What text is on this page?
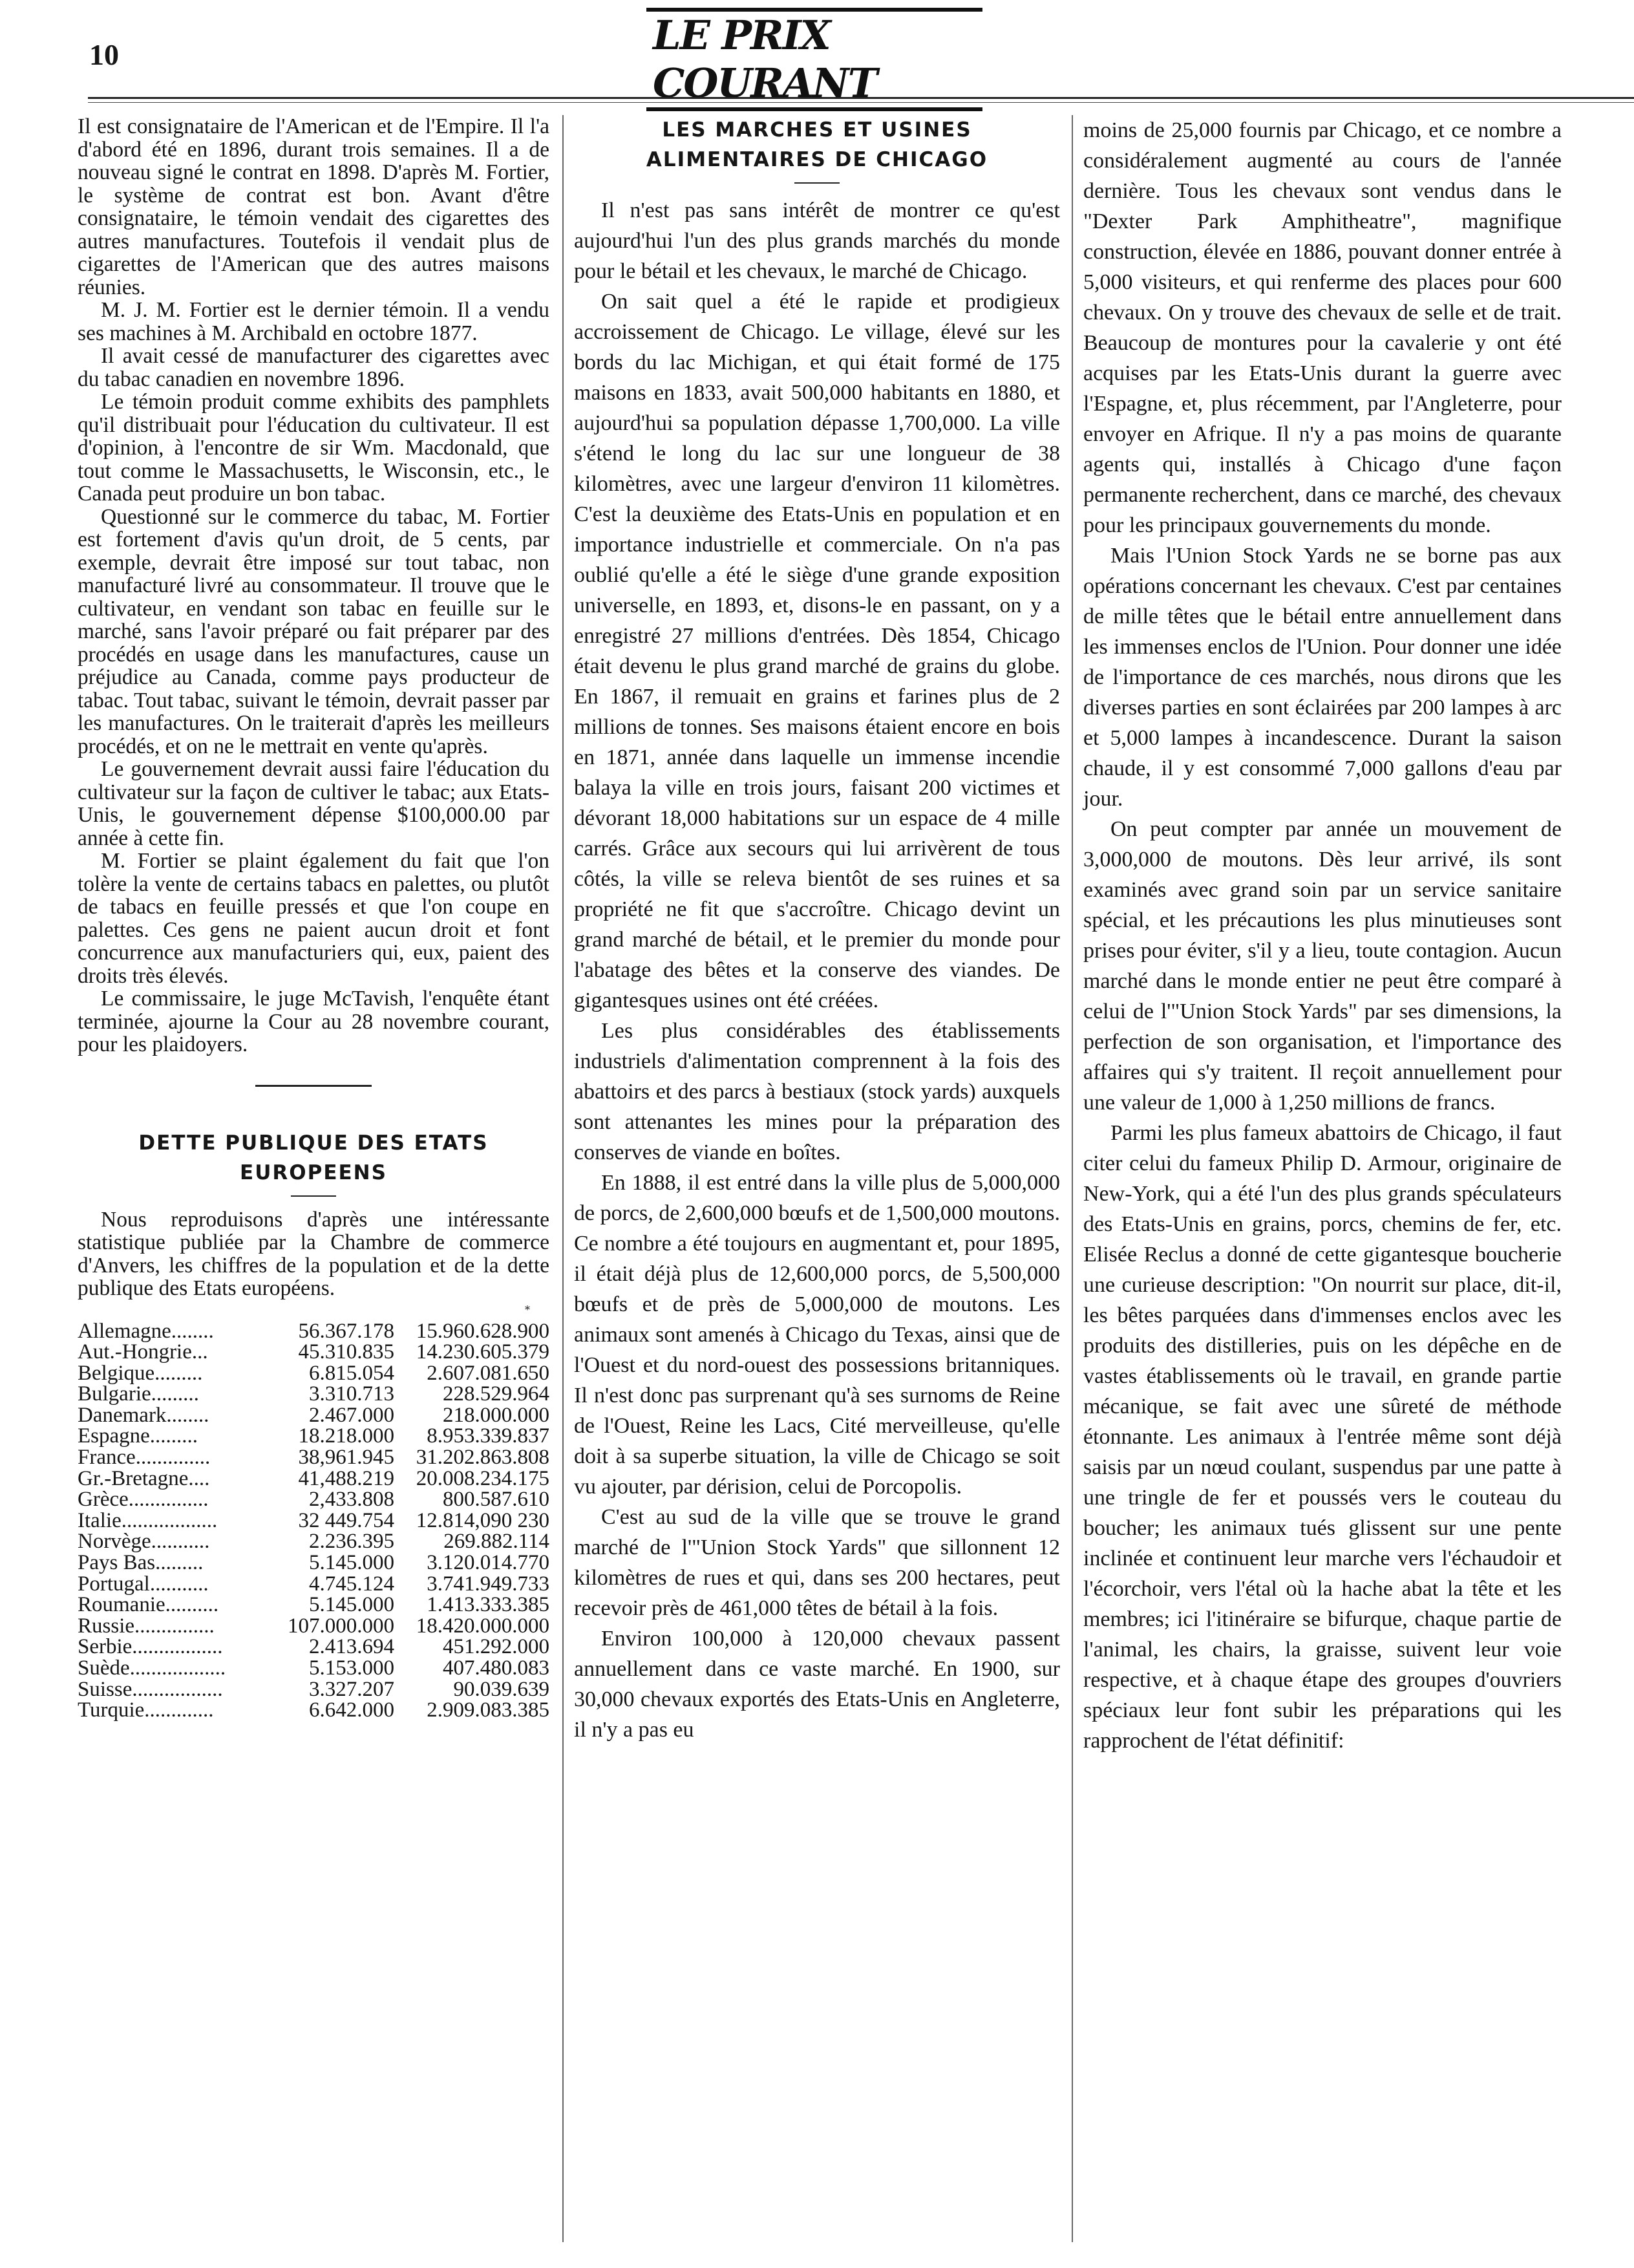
10	LE PRIX COURANT

Il est consignataire de l'American et de l'Empire. Il l'a d'abord été en 1896, durant trois semaines. Il a de nouveau signé le contrat en 1898. D'après M. Fortier, le système de contrat est bon. Avant d'être consignataire, le témoin vendait des cigarettes des autres manufactures. Toutefois il vendait plus de cigarettes de l'American que des autres maisons réunies.

M. J. M. Fortier est le dernier témoin. Il a vendu ses machines à M. Archibald en octobre 1877.

Il avait cessé de manufacturer des cigarettes avec du tabac canadien en novembre 1896.

Le témoin produit comme exhibits des pamphlets qu'il distribuait pour l'éducation du cultivateur. Il est d'opinion, à l'encontre de sir Wm. Macdonald, que tout comme le Massachusetts, le Wisconsin, etc., le Canada peut produire un bon tabac.

Questionné sur le commerce du tabac, M. Fortier est fortement d'avis qu'un droit, de 5 cents, par exemple, devrait être imposé sur tout tabac, non manufacturé livré au consommateur. Il trouve que le cultivateur, en vendant son tabac en feuille sur le marché, sans l'avoir préparé ou fait préparer par des procédés en usage dans les manufactures, cause un préjudice au Canada, comme pays producteur de tabac. Tout tabac, suivant le témoin, devrait passer par les manufactures. On le traiterait d'après les meilleurs procédés, et on ne le mettrait en vente qu'après.

Le gouvernement devrait aussi faire l'éducation du cultivateur sur la façon de cultiver le tabac; aux Etats-Unis, le gouvernement dépense $100,000.00 par année à cette fin.

M. Fortier se plaint également du fait que l'on tolère la vente de certains tabacs en palettes, ou plutôt de tabacs en feuille pressés et que l'on coupe en palettes. Ces gens ne paient aucun droit et font concurrence aux manufacturiers qui, eux, paient des droits très élevés.

Le commissaire, le juge McTavish, l'enquête étant terminée, ajourne la Cour au 28 novembre courant, pour les plaidoyers.

DETTE PUBLIQUE DES ETATS EUROPEENS

Nous reproduisons d'après une intéressante statistique publiée par la Chambre de commerce d'Anvers, les chiffres de la population et de la dette publique des Etats européens.

⁎
Allemagne........	56.367.178	15.960.628.900
Aut.-Hongrie...	45.310.835	14.230.605.379
Belgique.........	6.815.054	2.607.081.650
Bulgarie.........	3.310.713	228.529.964
Danemark........	2.467.000	218.000.000
Espagne.........	18.218.000	8.953.339.837
France..............	38,961.945	31.202.863.808
Gr.-Bretagne....	41,488.219	20.008.234.175
Grèce...............	2,433.808	800.587.610
Italie..................	32 449.754	12.814,090 230
Norvège...........	2.236.395	269.882.114
Pays Bas.........	5.145.000	3.120.014.770
Portugal...........	4.745.124	3.741.949.733
Roumanie..........	5.145.000	1.413.333.385
Russie...............	107.000.000	18.420.000.000
Serbie.................	2.413.694	451.292.000
Suède..................	5.153.000	407.480.083
Suisse.................	3.327.207	90.039.639
Turquie.............	6.642.000	2.909.083.385
LES MARCHES ET USINES ALIMENTAIRES DE CHICAGO

Il n'est pas sans intérêt de montrer ce qu'est aujourd'hui l'un des plus grands marchés du monde pour le bétail et les chevaux, le marché de Chicago.

On sait quel a été le rapide et prodigieux accroissement de Chicago. Le village, élevé sur les bords du lac Michigan, et qui était formé de 175 maisons en 1833, avait 500,000 habitants en 1880, et aujourd'hui sa population dépasse 1,700,000. La ville s'étend le long du lac sur une longueur de 38 kilomètres, avec une largeur d'environ 11 kilomètres. C'est la deuxième des Etats-Unis en population et en importance industrielle et commerciale. On n'a pas oublié qu'elle a été le siège d'une grande exposition universelle, en 1893, et, disons-le en passant, on y a enregistré 27 millions d'entrées. Dès 1854, Chicago était devenu le plus grand marché de grains du globe. En 1867, il remuait en grains et farines plus de 2 millions de tonnes. Ses maisons étaient encore en bois en 1871, année dans laquelle un immense incendie balaya la ville en trois jours, faisant 200 victimes et dévorant 18,000 habitations sur un espace de 4 mille carrés. Grâce aux secours qui lui arrivèrent de tous côtés, la ville se releva bientôt de ses ruines et sa propriété ne fit que s'accroître. Chicago devint un grand marché de bétail, et le premier du monde pour l'abatage des bêtes et la conserve des viandes. De gigantesques usines ont été créées.

Les plus considérables des établissements industriels d'alimentation comprennent à la fois des abattoirs et des parcs à bestiaux (stock yards) auxquels sont attenantes les mines pour la préparation des conserves de viande en boîtes.

En 1888, il est entré dans la ville plus de 5,000,000 de porcs, de 2,600,000 bœufs et de 1,500,000 moutons. Ce nombre a été toujours en augmentant et, pour 1895, il était déjà plus de 12,600,000 porcs, de 5,500,000 bœufs et de près de 5,000,000 de moutons. Les animaux sont amenés à Chicago du Texas, ainsi que de l'Ouest et du nord-ouest des possessions britanniques. Il n'est donc pas surprenant qu'à ses surnoms de Reine de l'Ouest, Reine les Lacs, Cité merveilleuse, qu'elle doit à sa superbe situation, la ville de Chicago se soit vu ajouter, par dérision, celui de Porcopolis.

C'est au sud de la ville que se trouve le grand marché de l'"Union Stock Yards" que sillonnent 12 kilomètres de rues et qui, dans ses 200 hectares, peut recevoir près de 461,000 têtes de bétail à la fois.

Environ 100,000 à 120,000 chevaux passent annuellement dans ce vaste marché. En 1900, sur 30,000 chevaux exportés des Etats-Unis en Angleterre, il n'y a pas eu

moins de 25,000 fournis par Chicago, et ce nombre a considéralement augmenté au cours de l'année dernière. Tous les chevaux sont vendus dans le "Dexter Park Amphitheatre", magnifique construction, élevée en 1886, pouvant donner entrée à 5,000 visiteurs, et qui renferme des places pour 600 chevaux. On y trouve des chevaux de selle et de trait. Beaucoup de montures pour la cavalerie y ont été acquises par les Etats-Unis durant la guerre avec l'Espagne, et, plus récemment, par l'Angleterre, pour envoyer en Afrique. Il n'y a pas moins de quarante agents qui, installés à Chicago d'une façon permanente recherchent, dans ce marché, des chevaux pour les principaux gouvernements du monde.

Mais l'Union Stock Yards ne se borne pas aux opérations concernant les chevaux. C'est par centaines de mille têtes que le bétail entre annuellement dans les immenses enclos de l'Union. Pour donner une idée de l'importance de ces marchés, nous dirons que les diverses parties en sont éclairées par 200 lampes à arc et 5,000 lampes à incandescence. Durant la saison chaude, il y est consommé 7,000 gallons d'eau par jour.

On peut compter par année un mouvement de 3,000,000 de moutons. Dès leur arrivé, ils sont examinés avec grand soin par un service sanitaire spécial, et les précautions les plus minutieuses sont prises pour éviter, s'il y a lieu, toute contagion. Aucun marché dans le monde entier ne peut être comparé à celui de l'"Union Stock Yards" par ses dimensions, la perfection de son organisation, et l'importance des affaires qui s'y traitent. Il reçoit annuellement pour une valeur de 1,000 à 1,250 millions de francs.

Parmi les plus fameux abattoirs de Chicago, il faut citer celui du fameux Philip D. Armour, originaire de New-York, qui a été l'un des plus grands spéculateurs des Etats-Unis en grains, porcs, chemins de fer, etc. Elisée Reclus a donné de cette gigantesque boucherie une curieuse description: "On nourrit sur place, dit-il, les bêtes parquées dans d'immenses enclos avec les produits des distilleries, puis on les dépêche en de vastes établissements où le travail, en grande partie mécanique, se fait avec une sûreté de méthode étonnante. Les animaux à l'entrée même sont déjà saisis par un nœud coulant, suspendus par une patte à une tringle de fer et poussés vers le couteau du boucher; les animaux tués glissent sur une pente inclinée et continuent leur marche vers l'échaudoir et l'écorchoir, vers l'étal où la hache abat la tête et les membres; ici l'itinéraire se bifurque, chaque partie de l'animal, les chairs, la graisse, suivent leur voie respective, et à chaque étape des groupes d'ouvriers spéciaux leur font subir les préparations qui les rapprochent de l'état définitif:
